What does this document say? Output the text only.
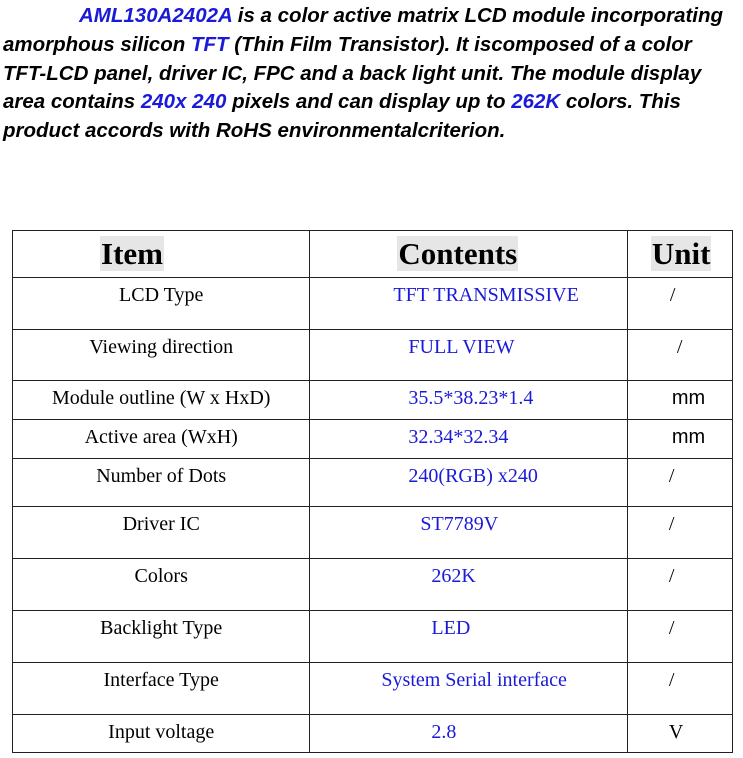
AML130A2402A is a color active matrix LCD module incorporating amorphous silicon TFT (Thin Film Transistor). It iscomposed of a color TFT-LCD panel, driver IC, FPC and a back light unit. The module display area contains 240x 240 pixels and can display up to 262K colors. This product accords with RoHS environmentalcriterion.

Item	Contents	Unit

LCD Type	TFT TRANSMISSIVE	/

Viewing direction	FULL VIEW	/

Module outline (W x HxD)	35.5*38.23*1.4	mm

Active area (WxH)	32.34*32.34	mm

Number of Dots	240(RGB) x240	/

Driver IC	ST7789V	/

Colors	262K	/

Backlight Type	LED	/

Interface Type	System Serial interface	/

Input voltage	2.8	V
